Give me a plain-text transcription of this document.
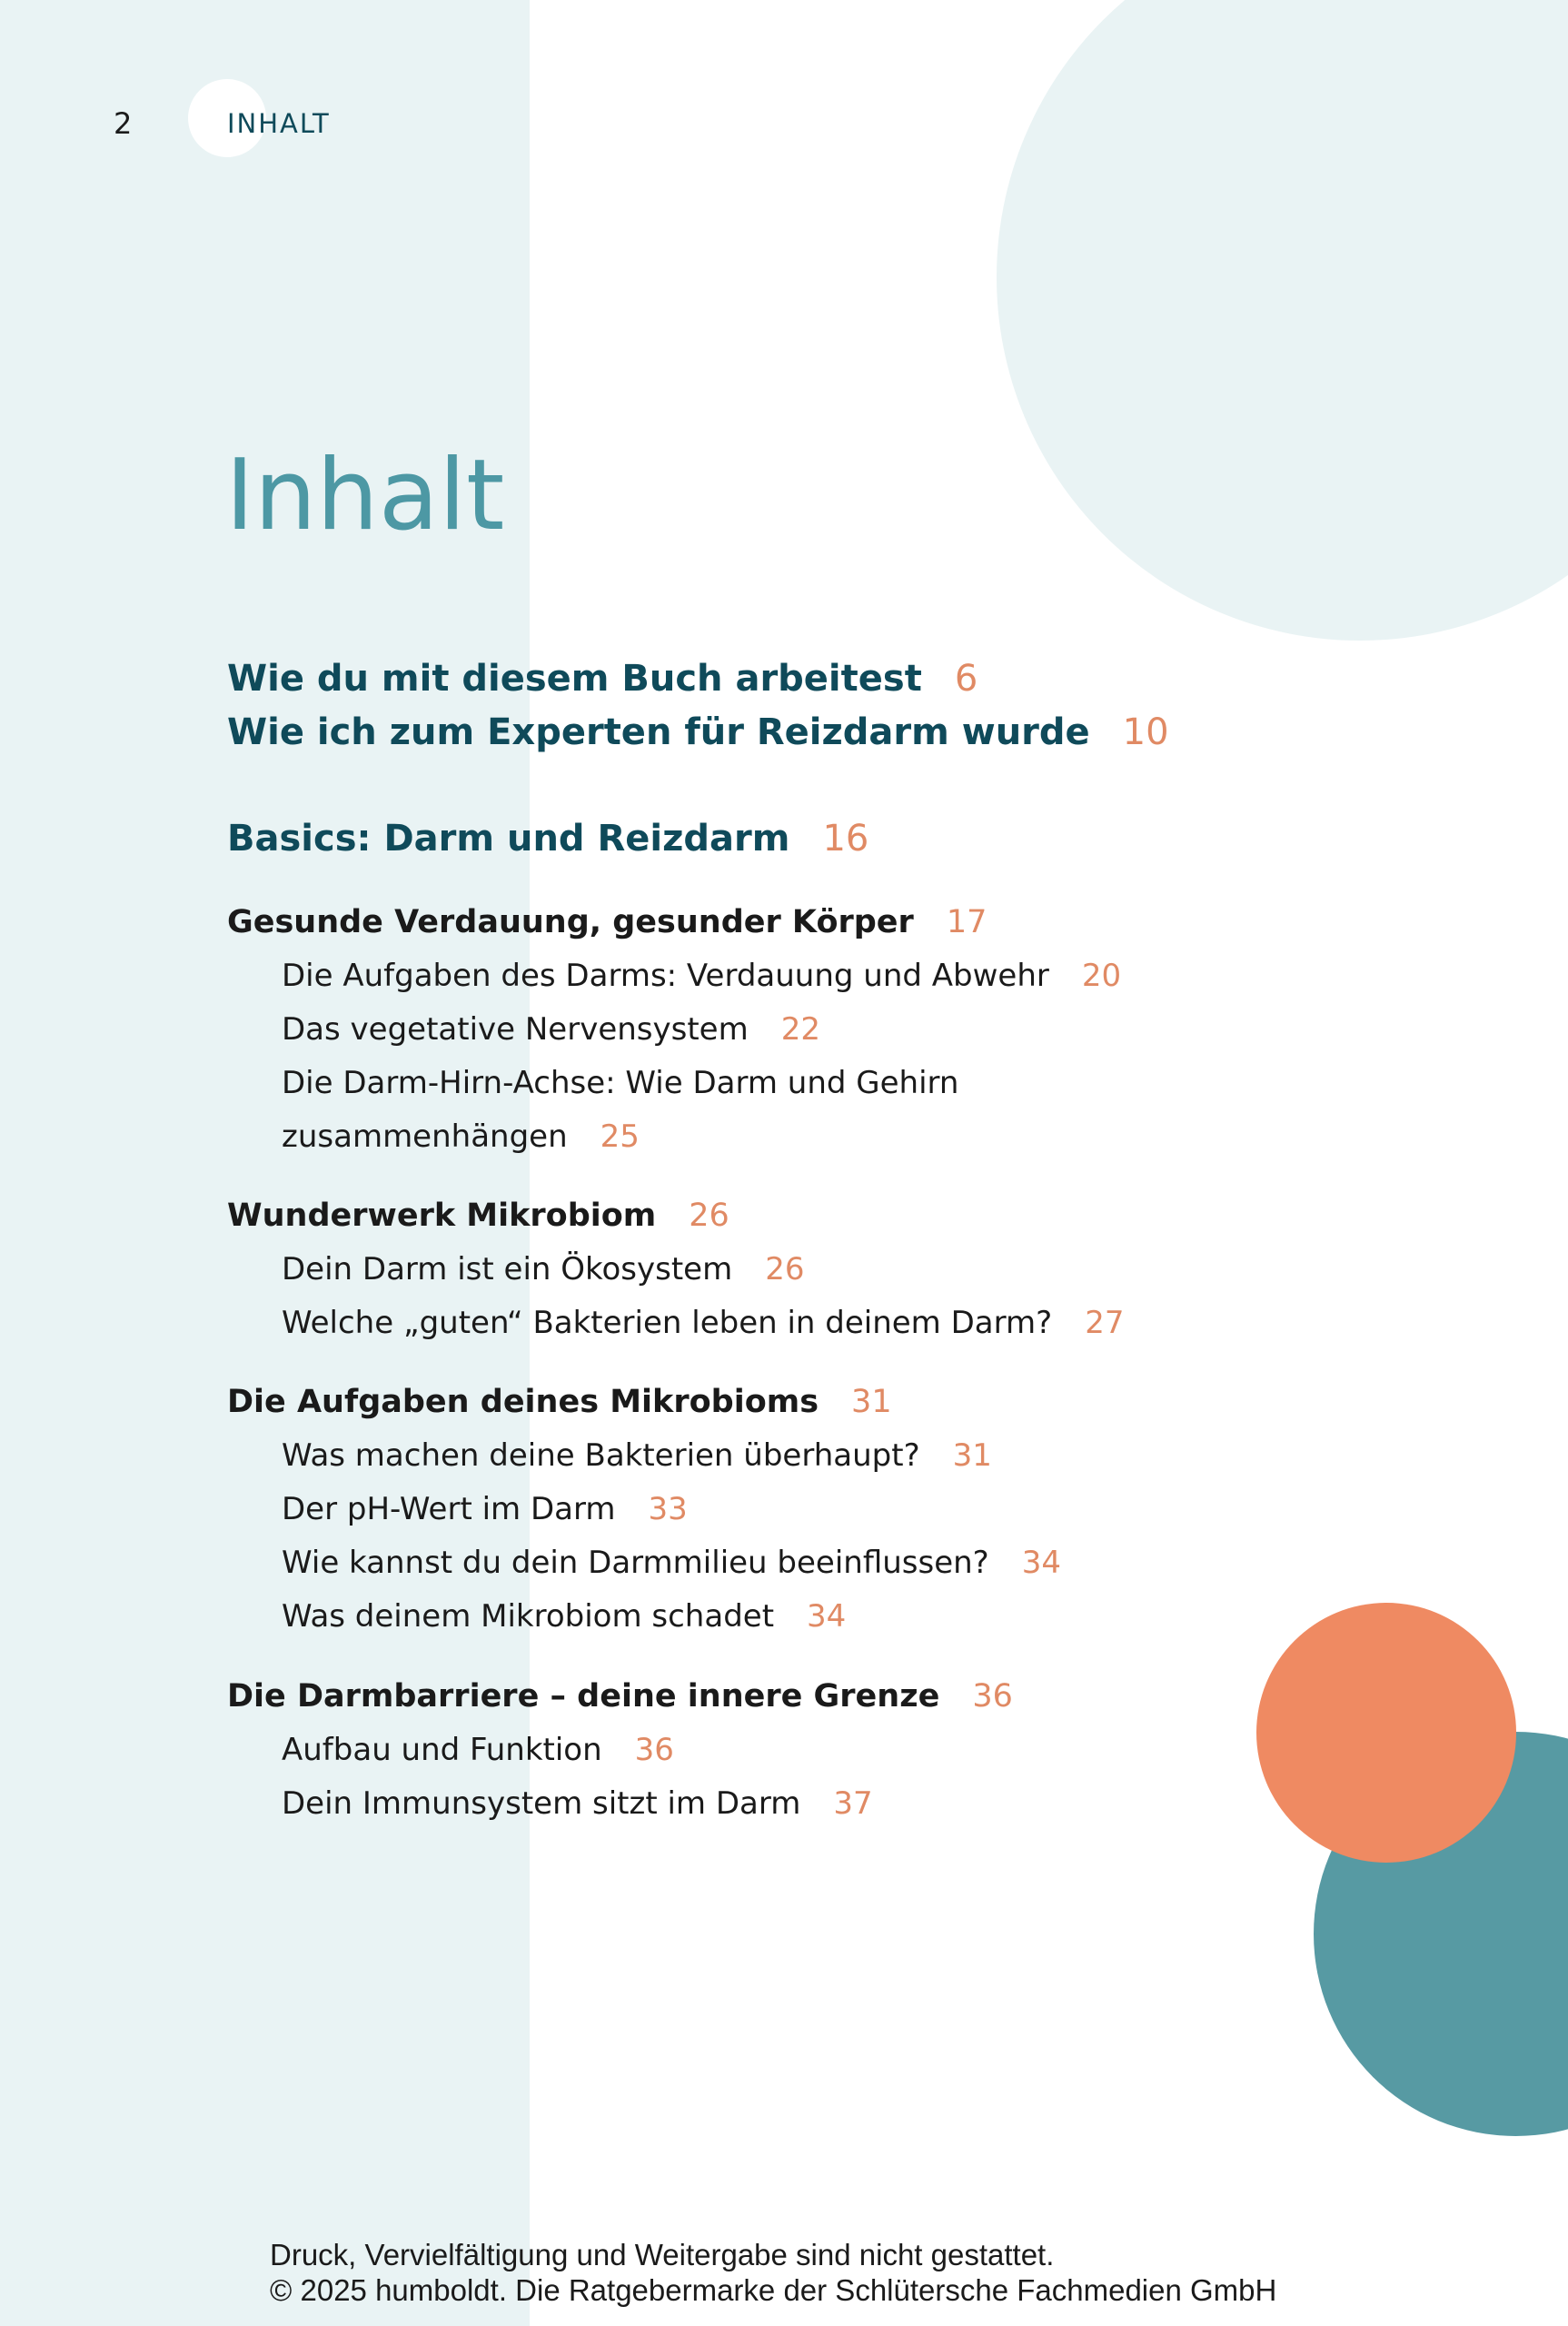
2	INHALT
Inhalt
Wie du mit diesem Buch arbeitest 6
Wie ich zum Experten für Reizdarm wurde 10
Basics: Darm und Reizdarm 16
Gesunde Verdauung, gesunder Körper 17
Die Aufgaben des Darms: Verdauung und Abwehr 20
Das vegetative Nervensystem 22
Die Darm-Hirn-Achse: Wie Darm und Gehirn
zusammenhängen 25
Wunderwerk Mikrobiom 26
Dein Darm ist ein Ökosystem 26
Welche „guten“ Bakterien leben in deinem Darm? 27
Die Aufgaben deines Mikrobioms 31
Was machen deine Bakterien überhaupt? 31
Der pH-Wert im Darm 33
Wie kannst du dein Darmmilieu beeinflussen? 34
Was deinem Mikrobiom schadet 34
Die Darmbarriere – deine innere Grenze 36
Aufbau und Funktion 36
Dein Immunsystem sitzt im Darm 37
Druck, Vervielfältigung und Weitergabe sind nicht gestattet.
© 2025 humboldt. Die Ratgebermarke der Schlütersche Fachmedien GmbH
